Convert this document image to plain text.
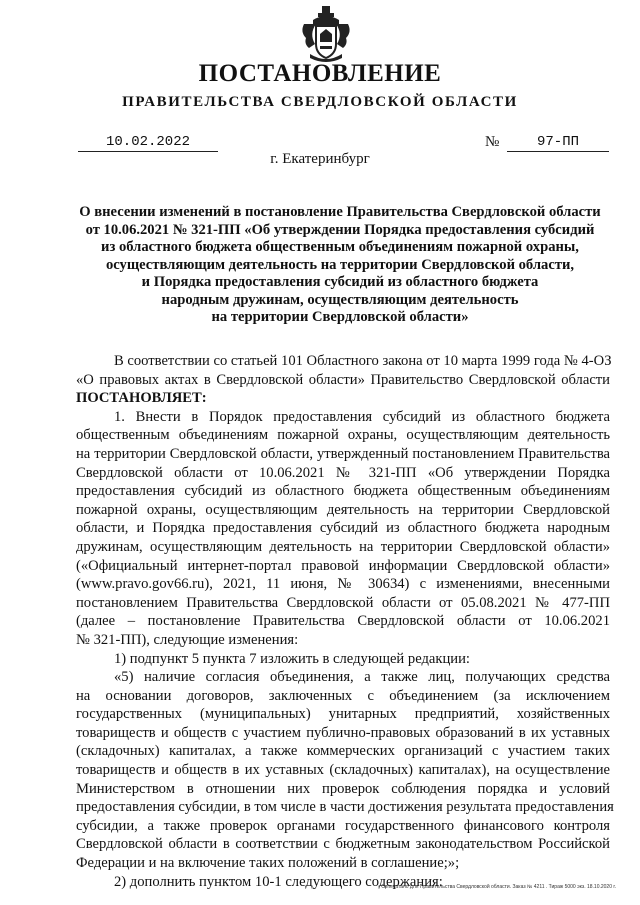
ПОСТАНОВЛЕНИЕ
ПРАВИТЕЛЬСТВА СВЕРДЛОВСКОЙ ОБЛАСТИ
10.02.2022	№	97-ПП
г. Екатеринбург
О внесении изменений в постановление Правительства Свердловской области
от 10.06.2021 № 321-ПП «Об утверждении Порядка предоставления субсидий
из областного бюджета общественным объединениям пожарной охраны,
осуществляющим деятельность на территории Свердловской области,
и Порядка предоставления субсидий из областного бюджета
народным дружинам, осуществляющим деятельность
на территории Свердловской области»
В соответствии со статьей 101 Областного закона от 10 марта 1999 года № 4-ОЗ
«О правовых актах в Свердловской области» Правительство Свердловской области
ПОСТАНОВЛЯЕТ:
1. Внести в Порядок предоставления субсидий из областного бюджета
общественным объединениям пожарной охраны, осуществляющим деятельность
на территории Свердловской области, утвержденный постановлением Правительства
Свердловской области от 10.06.2021 № 321-ПП «Об утверждении Порядка
предоставления субсидий из областного бюджета общественным объединениям
пожарной охраны, осуществляющим деятельность на территории Свердловской
области, и Порядка предоставления субсидий из областного бюджета народным
дружинам, осуществляющим деятельность на территории Свердловской области»
(«Официальный интернет-портал правовой информации Свердловской области»
(www.pravo.gov66.ru), 2021, 11 июня, № 30634) с изменениями, внесенными
постановлением Правительства Свердловской области от 05.08.2021 № 477-ПП
(далее – постановление Правительства Свердловской области от 10.06.2021
№ 321-ПП), следующие изменения:
1) подпункт 5 пункта 7 изложить в следующей редакции:
«5) наличие согласия объединения, а также лиц, получающих средства
на основании договоров, заключенных с объединением (за исключением
государственных (муниципальных) унитарных предприятий, хозяйственных
товариществ и обществ с участием публично-правовых образований в их уставных
(складочных) капиталах, а также коммерческих организаций с участием таких
товариществ и обществ в их уставных (складочных) капиталах), на осуществление
Министерством в отношении них проверок соблюдения порядка и условий
предоставления субсидии, в том числе в части достижения результата предоставления
субсидии, а также проверок органами государственного финансового контроля
Свердловской области в соответствии с бюджетным законодательством Российской
Федерации и на включение таких положений в соглашение;»;
2) дополнить пунктом 10-1 следующего содержания:
Отпечатано для Правительства Свердловской области. Заказ № 4211 . Тираж 5000 экз. 18.10.2020 г.
